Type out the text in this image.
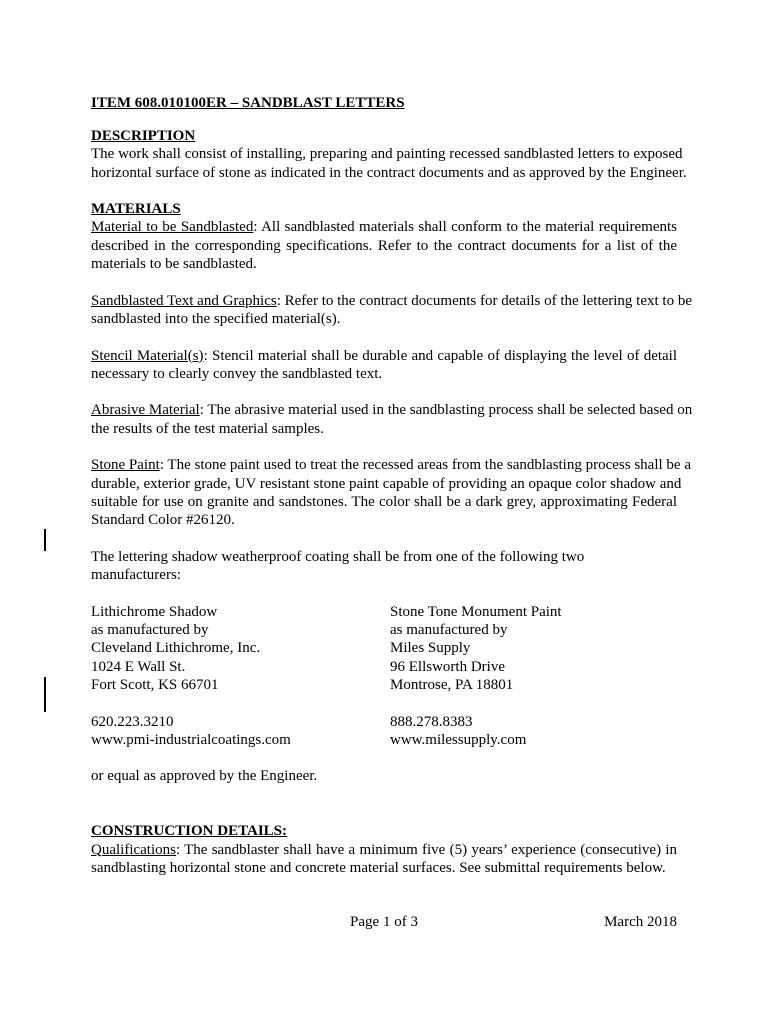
ITEM 608.010100ER – SANDBLAST LETTERS
DESCRIPTION
The work shall consist of installing, preparing and painting recessed sandblasted letters to exposed
horizontal surface of stone as indicated in the contract documents and as approved by the Engineer.
MATERIALS
Material to be Sandblasted: All sandblasted materials shall conform to the material requirements
described in the corresponding specifications. Refer to the contract documents for a list of the
materials to be sandblasted.
Sandblasted Text and Graphics: Refer to the contract documents for details of the lettering text to be
sandblasted into the specified material(s).
Stencil Material(s): Stencil material shall be durable and capable of displaying the level of detail
necessary to clearly convey the sandblasted text.
Abrasive Material: The abrasive material used in the sandblasting process shall be selected based on
the results of the test material samples.
Stone Paint: The stone paint used to treat the recessed areas from the sandblasting process shall be a
durable, exterior grade, UV resistant stone paint capable of providing an opaque color shadow and
suitable for use on granite and sandstones. The color shall be a dark grey, approximating Federal
Standard Color #26120.
The lettering shadow weatherproof coating shall be from one of the following two
manufacturers:
Lithichrome Shadow
as manufactured by
Cleveland Lithichrome, Inc.
1024 E Wall St.
Fort Scott, KS 66701
Stone Tone Monument Paint
as manufactured by
Miles Supply
96 Ellsworth Drive
Montrose, PA 18801
620.223.3210
www.pmi-industrialcoatings.com
888.278.8383
www.milessupply.com
or equal as approved by the Engineer.
CONSTRUCTION DETAILS:
Qualifications: The sandblaster shall have a minimum five (5) years’ experience (consecutive) in
sandblasting horizontal stone and concrete material surfaces. See submittal requirements below.
Page 1 of 3	March 2018
